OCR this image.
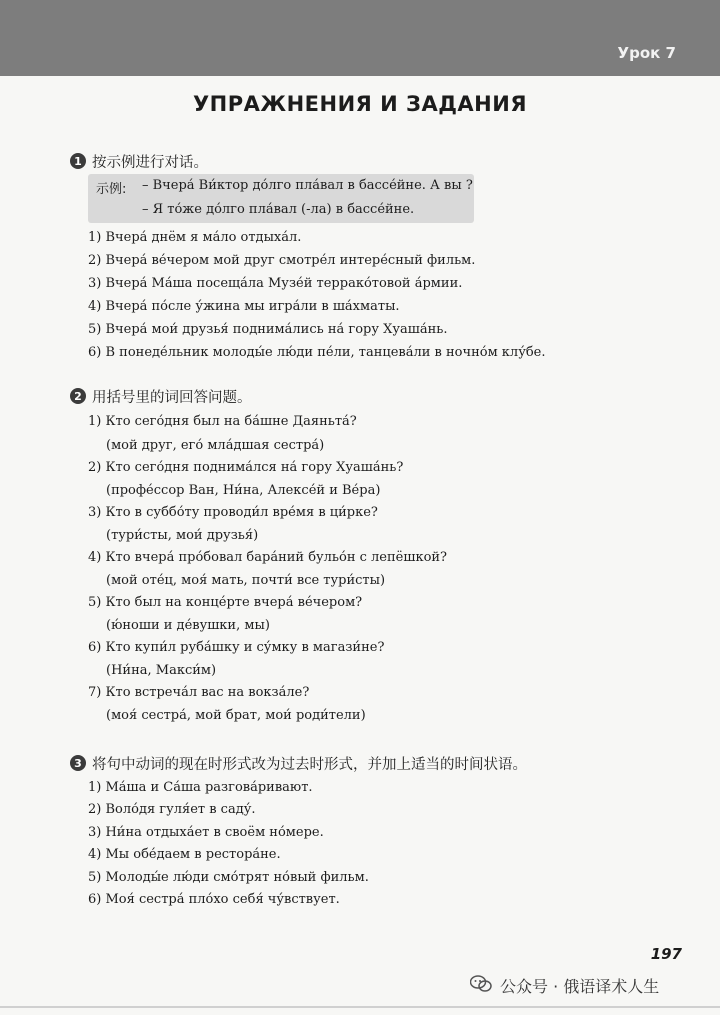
Урок 7
УПРАЖНЕНИЯ И ЗАДАНИЯ
1 按示例进行对话。
示例: – Вчера́ Ви́ктор до́лго пла́вал в бассе́йне. А вы ?
– Я то́же до́лго пла́вал (-ла) в бассе́йне.
1) Вчера́ днём я ма́ло отдыха́л.
2) Вчера́ ве́чером мой друг смотре́л интере́сный фильм.
3) Вчера́ Ма́ша посеща́ла Музе́й террако́товой а́рмии.
4) Вчера́ по́сле у́жина мы игра́ли в ша́хматы.
5) Вчера́ мои́ друзья́ поднима́лись на́ гору Хуаша́нь.
6) В понеде́льник молоды́е лю́ди пе́ли, танцева́ли в ночно́м клу́бе.
2 用括号里的词回答问题。
1) Кто сего́дня был на ба́шне Даяньта́?
(мой друг, его́ мла́дшая сестра́)
2) Кто сего́дня поднима́лся на́ гору Хуаша́нь?
(профе́ссор Ван, Ни́на, Алексе́й и Ве́ра)
3) Кто в суббо́ту проводи́л вре́мя в ци́рке?
(тури́сты, мои́ друзья́)
4) Кто вчера́ про́бовал бара́ний бульо́н с лепёшкой?
(мой оте́ц, моя́ мать, почти́ все тури́сты)
5) Кто был на конце́рте вчера́ ве́чером?
(ю́ноши и де́вушки, мы)
6) Кто купи́л руба́шку и су́мку в магази́не?
(Ни́на, Макси́м)
7) Кто встреча́л вас на вокза́ле?
(моя́ сестра́, мой брат, мои́ роди́тели)
3 将句中动词的现在时形式改为过去时形式，并加上适当的时间状语。
1) Ма́ша и Са́ша разгова́ривают.
2) Воло́дя гуля́ет в саду́.
3) Ни́на отдыха́ет в своём но́мере.
4) Мы обе́даем в рестора́не.
5) Молоды́е лю́ди смо́трят но́вый фильм.
6) Моя́ сестра́ пло́хо себя́ чу́вствует.
197
公众号 · 俄语译术人生
